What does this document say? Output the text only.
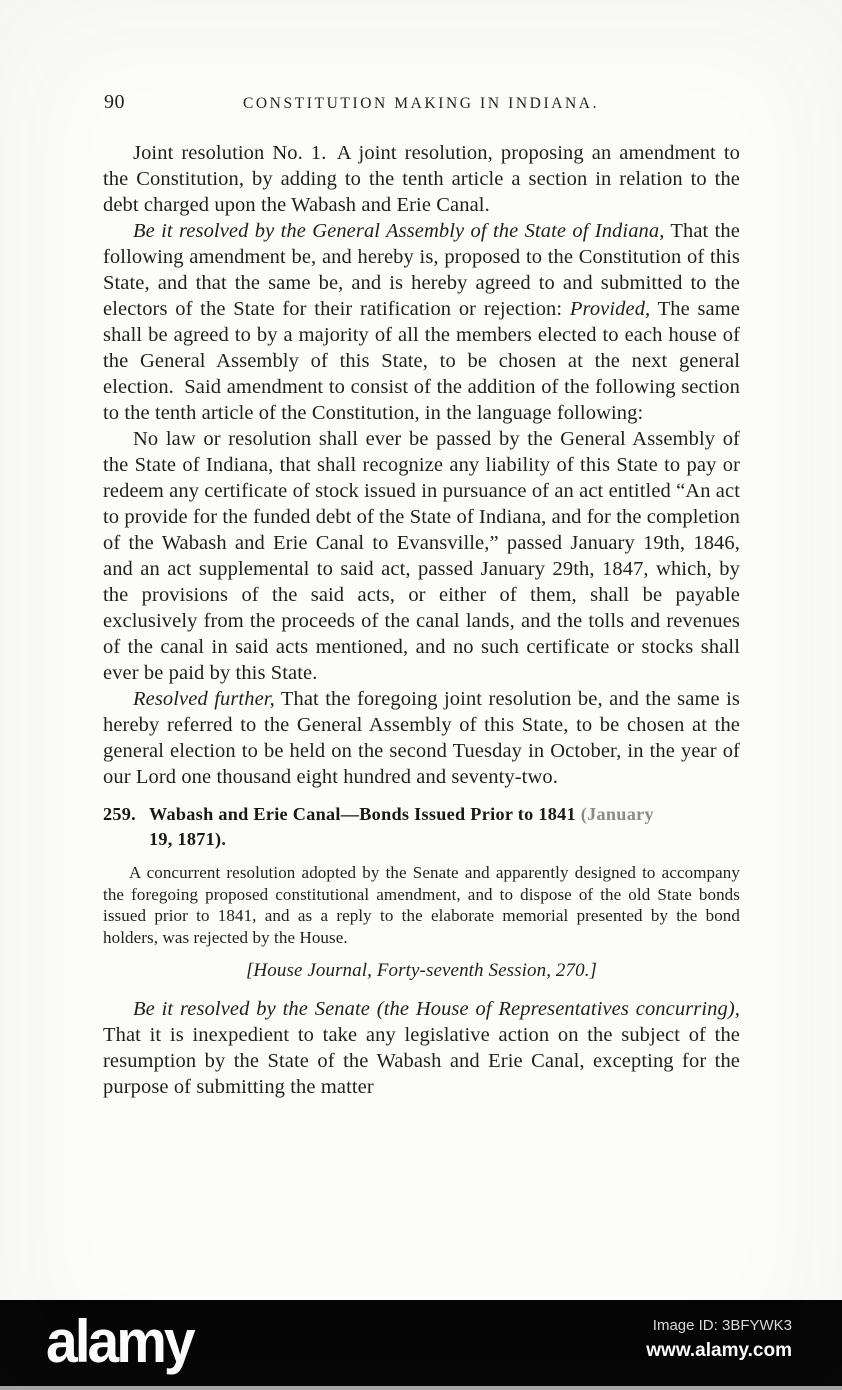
90	CONSTITUTION MAKING IN INDIANA.

Joint resolution No. 1. A joint resolution, proposing an amendment to the Constitution, by adding to the tenth article a section in relation to the debt charged upon the Wabash and Erie Canal.

Be it resolved by the General Assembly of the State of Indiana, That the following amendment be, and hereby is, proposed to the Constitution of this State, and that the same be, and is hereby agreed to and submitted to the electors of the State for their ratification or rejection: Provided, The same shall be agreed to by a majority of all the members elected to each house of the General Assembly of this State, to be chosen at the next general election. Said amendment to consist of the addition of the following section to the tenth article of the Constitution, in the language following:

No law or resolution shall ever be passed by the General Assembly of the State of Indiana, that shall recognize any liability of this State to pay or redeem any certificate of stock issued in pursuance of an act entitled “An act to provide for the funded debt of the State of Indiana, and for the completion of the Wabash and Erie Canal to Evansville,” passed January 19th, 1846, and an act supplemental to said act, passed January 29th, 1847, which, by the provisions of the said acts, or either of them, shall be payable exclusively from the proceeds of the canal lands, and the tolls and revenues of the canal in said acts mentioned, and no such certificate or stocks shall ever be paid by this State.

Resolved further, That the foregoing joint resolution be, and the same is hereby referred to the General Assembly of this State, to be chosen at the general election to be held on the second Tuesday in October, in the year of our Lord one thousand eight hundred and seventy-two.

259. Wabash and Erie Canal—Bonds Issued Prior to 1841 (January
19, 1871).

A concurrent resolution adopted by the Senate and apparently designed to accompany the foregoing proposed constitutional amendment, and to dispose of the old State bonds issued prior to 1841, and as a reply to the elaborate memorial presented by the bond holders, was rejected by the House.

[House Journal, Forty-seventh Session, 270.]

Be it resolved by the Senate (the House of Representatives concurring), That it is inexpedient to take any legislative action on the subject of the resumption by the State of the Wabash and Erie Canal, excepting for the purpose of submitting the matter

alamy	Image ID: 3BFYWK3
www.alamy.com
